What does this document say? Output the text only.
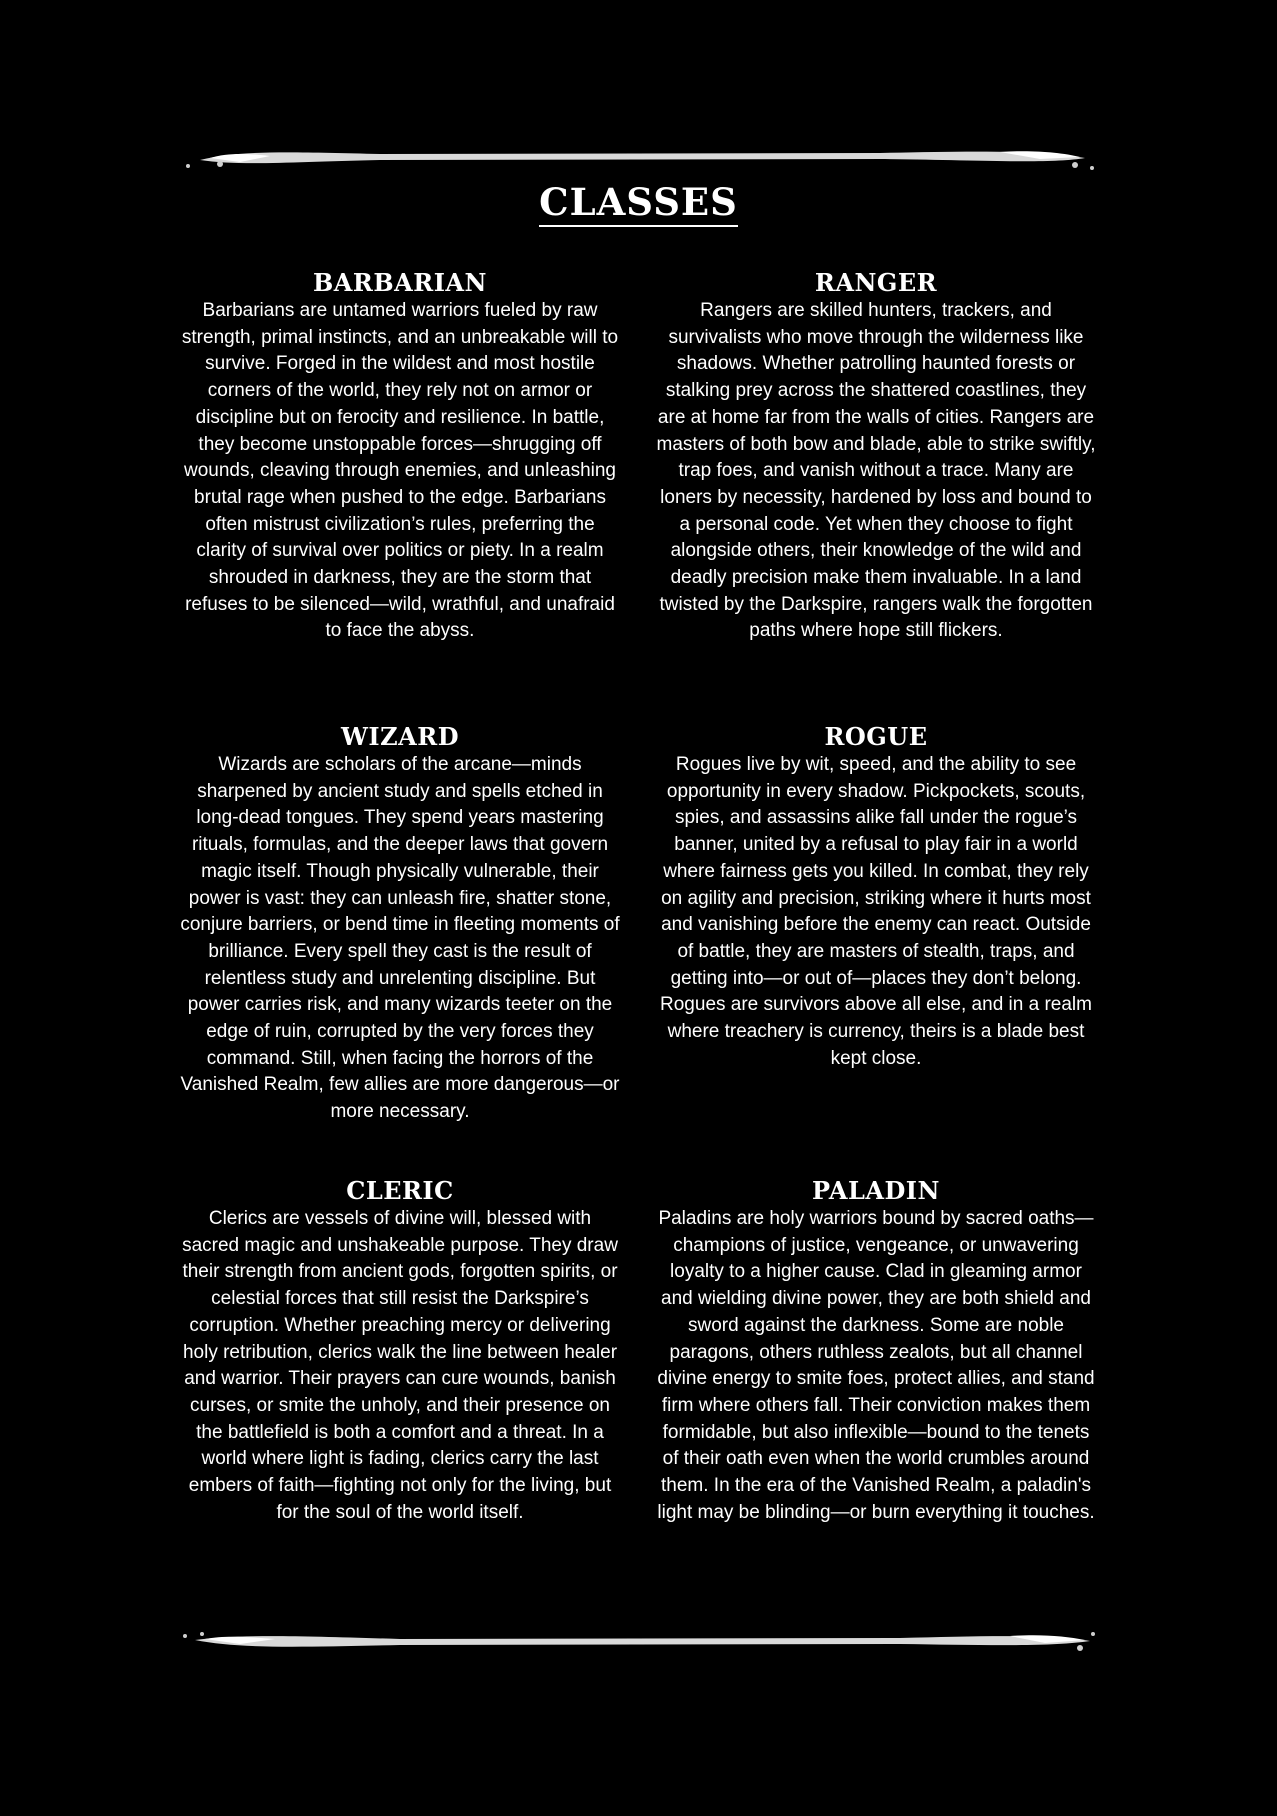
CLASSES
BARBARIAN

Barbarians are untamed warriors fueled by raw strength, primal instincts, and an unbreakable will to survive. Forged in the wildest and most hostile corners of the world, they rely not on armor or discipline but on ferocity and resilience. In battle, they become unstoppable forces—shrugging off wounds, cleaving through enemies, and unleashing brutal rage when pushed to the edge. Barbarians often mistrust civilization’s rules, preferring the clarity of survival over politics or piety. In a realm shrouded in darkness, they are the storm that refuses to be silenced—wild, wrathful, and unafraid to face the abyss.

RANGER

Rangers are skilled hunters, trackers, and survivalists who move through the wilderness like shadows. Whether patrolling haunted forests or stalking prey across the shattered coastlines, they are at home far from the walls of cities. Rangers are masters of both bow and blade, able to strike swiftly, trap foes, and vanish without a trace. Many are loners by necessity, hardened by loss and bound to a personal code. Yet when they choose to fight alongside others, their knowledge of the wild and deadly precision make them invaluable. In a land twisted by the Darkspire, rangers walk the forgotten paths where hope still flickers.

WIZARD

Wizards are scholars of the arcane—minds sharpened by ancient study and spells etched in long-dead tongues. They spend years mastering rituals, formulas, and the deeper laws that govern magic itself. Though physically vulnerable, their power is vast: they can unleash fire, shatter stone, conjure barriers, or bend time in fleeting moments of brilliance. Every spell they cast is the result of relentless study and unrelenting discipline. But power carries risk, and many wizards teeter on the edge of ruin, corrupted by the very forces they command. Still, when facing the horrors of the Vanished Realm, few allies are more dangerous—or more necessary.

ROGUE

Rogues live by wit, speed, and the ability to see opportunity in every shadow. Pickpockets, scouts, spies, and assassins alike fall under the rogue’s banner, united by a refusal to play fair in a world where fairness gets you killed. In combat, they rely on agility and precision, striking where it hurts most and vanishing before the enemy can react. Outside of battle, they are masters of stealth, traps, and getting into—or out of—places they don’t belong. Rogues are survivors above all else, and in a realm where treachery is currency, theirs is a blade best kept close.

CLERIC

Clerics are vessels of divine will, blessed with sacred magic and unshakeable purpose. They draw their strength from ancient gods, forgotten spirits, or celestial forces that still resist the Darkspire’s corruption. Whether preaching mercy or delivering holy retribution, clerics walk the line between healer and warrior. Their prayers can cure wounds, banish curses, or smite the unholy, and their presence on the battlefield is both a comfort and a threat. In a world where light is fading, clerics carry the last embers of faith—fighting not only for the living, but for the soul of the world itself.

PALADIN

Paladins are holy warriors bound by sacred oaths—champions of justice, vengeance, or unwavering loyalty to a higher cause. Clad in gleaming armor and wielding divine power, they are both shield and sword against the darkness. Some are noble paragons, others ruthless zealots, but all channel divine energy to smite foes, protect allies, and stand firm where others fall. Their conviction makes them formidable, but also inflexible—bound to the tenets of their oath even when the world crumbles around them. In the era of the Vanished Realm, a paladin's light may be blinding—or burn everything it touches.
